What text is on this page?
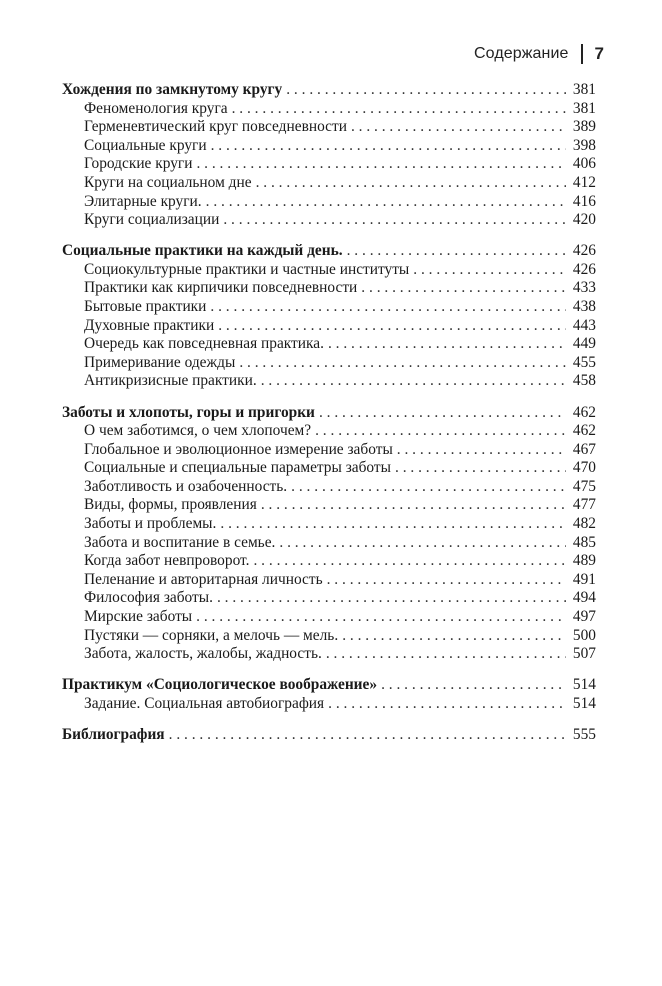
Содержание 7
Хождения по замкнутому кругу . . .	381
Феноменология круга . . .	381
Герменевтический круг повседневности . . .	389
Социальные круги . . .	398
Городские круги . . .	406
Круги на социальном дне . . .	412
Элитарные круги. . . .	416
Круги социализации . . .	420
Социальные практики на каждый день. . . .	426
Социокультурные практики и частные институты . . .	426
Практики как кирпичики повседневности . . .	433
Бытовые практики . . .	438
Духовные практики . . .	443
Очередь как повседневная практика. . . .	449
Примеривание одежды . . .	455
Антикризисные практики. . . .	458
Заботы и хлопоты, горы и пригорки . . .	462
О чем заботимся, о чем хлопочем? . . .	462
Глобальное и эволюционное измерение заботы . . .	467
Социальные и специальные параметры заботы . . .	470
Заботливость и озабоченность. . . .	475
Виды, формы, проявления . . .	477
Заботы и проблемы. . . .	482
Забота и воспитание в семье. . . .	485
Когда забот невпроворот. . . .	489
Пеленание и авторитарная личность . . .	491
Философия заботы. . . .	494
Мирские заботы . . .	497
Пустяки — сорняки, а мелочь — мель. . . .	500
Забота, жалость, жалобы, жадность. . . .	507
Практикум «Социологическое воображение» . . .	514
Задание. Социальная автобиография . . .	514
Библиография . . .	555
